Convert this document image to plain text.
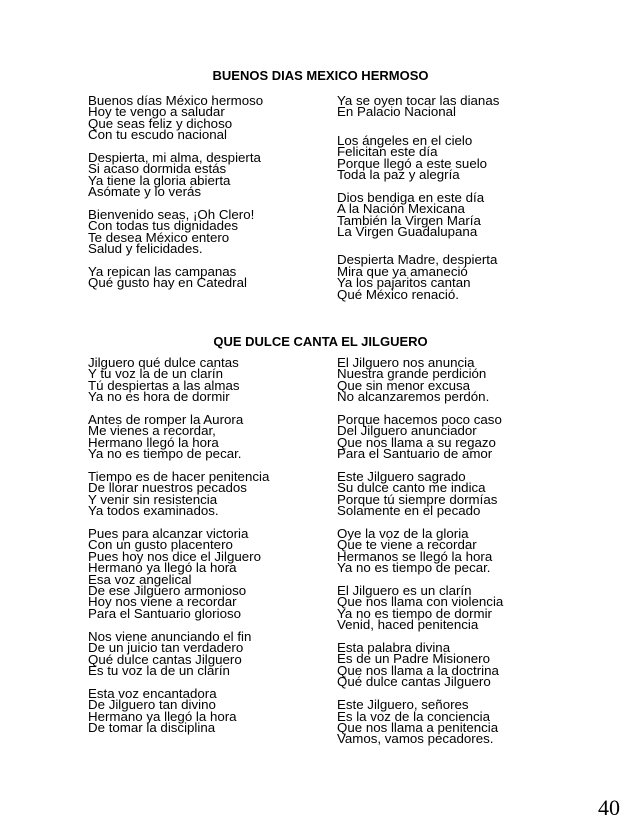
BUENOS DIAS MEXICO HERMOSO

Buenos días México hermoso
Hoy te vengo a saludar
Que seas feliz y dichoso
Con tu escudo nacional

Despierta, mi alma, despierta
Si acaso dormida estás
Ya tiene la gloria abierta
Asómate y lo verás

Bienvenido seas, ¡Oh Clero!
Con todas tus dignidades
Te desea México entero
Salud y felicidades.

Ya repican las campanas
Qué gusto hay en Catedral

Ya se oyen tocar las dianas
En Palacio Nacional

Los ángeles en el cielo
Felicitan este día
Porque llegó a este suelo
Toda la paz y alegría

Dios bendiga en este día
A la Nación Mexicana
También la Virgen María
La Virgen Guadalupana

Despierta Madre, despierta
Mira que ya amaneció
Ya los pajaritos cantan
Qué México renació.

QUE DULCE CANTA EL JILGUERO

Jilguero qué dulce cantas
Y tu voz la de un clarín
Tú despiertas a las almas
Ya no es hora de dormir

Antes de romper la Aurora
Me vienes a recordar,
Hermano llegó la hora
Ya no es tiempo de pecar.

Tiempo es de hacer penitencia
De llorar nuestros pecados
Y venir sin resistencia
Ya todos examinados.

Pues para alcanzar victoria
Con un gusto placentero
Pues hoy nos dice el Jilguero
Hermano ya llegó la hora
Esa voz angelical
De ese Jilguero armonioso
Hoy nos viene a recordar
Para el Santuario glorioso

Nos viene anunciando el fin
De un juicio tan verdadero
Qué dulce cantas Jilguero
Es tu voz la de un clarín

Esta voz encantadora
De Jilguero tan divino
Hermano ya llegó la hora
De tomar la disciplina

El Jilguero nos anuncia
Nuestra grande perdición
Que sin menor excusa
No alcanzaremos perdón.

Porque hacemos poco caso
Del Jilguero anunciador
Que nos llama a su regazo
Para el Santuario de amor

Este Jilguero sagrado
Su dulce canto me indica
Porque tú siempre dormías
Solamente en el pecado

Oye la voz de la gloria
Que te viene a recordar
Hermanos se llegó la hora
Ya no es tiempo de pecar.

El Jilguero es un clarín
Que nos llama con violencia
Ya no es tiempo de dormir
Venid, haced penitencia

Esta palabra divina
Es de un Padre Misionero
Que nos llama a la doctrina
Qué dulce cantas Jilguero

Este Jilguero, señores
Es la voz de la conciencia
Que nos llama a penitencia
Vamos, vamos pecadores.

40
